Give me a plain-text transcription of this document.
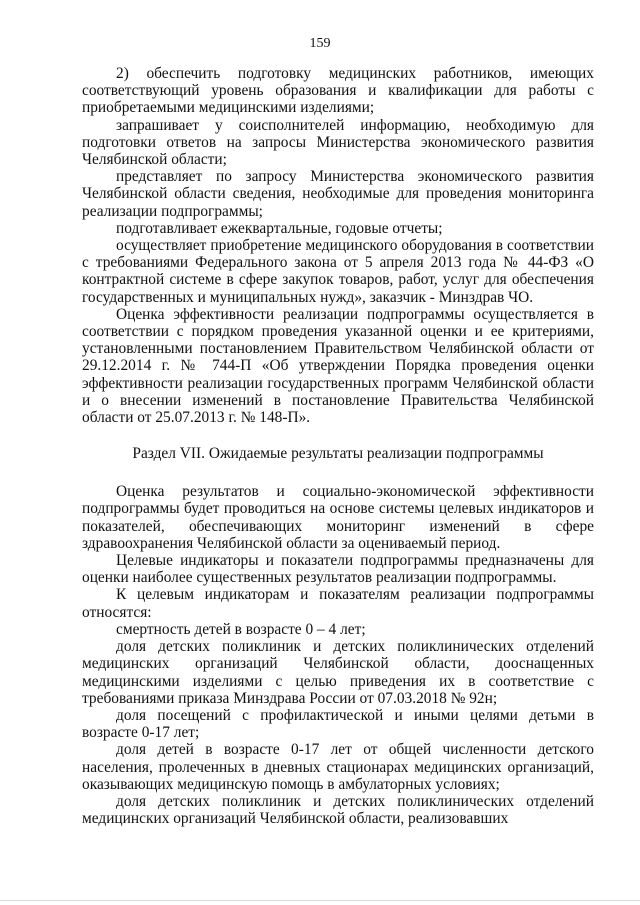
159

2) обеспечить подготовку медицинских работников, имеющих соответствующий уровень образования и квалификации для работы с приобретаемыми медицинскими изделиями;

запрашивает у соисполнителей информацию, необходимую для подготовки ответов на запросы Министерства экономического развития Челябинской области;

представляет по запросу Министерства экономического развития Челябинской области сведения, необходимые для проведения мониторинга реализации подпрограммы;

подготавливает ежеквартальные, годовые отчеты;

осуществляет приобретение медицинского оборудования в соответствии с требованиями Федерального закона от 5 апреля 2013 года № 44-ФЗ «О контрактной системе в сфере закупок товаров, работ, услуг для обеспечения государственных и муниципальных нужд», заказчик - Минздрав ЧО.

Оценка эффективности реализации подпрограммы осуществляется в соответствии с порядком проведения указанной оценки и ее критериями, установленными постановлением Правительством Челябинской области от 29.12.2014 г. № 744-П «Об утверждении Порядка проведения оценки эффективности реализации государственных программ Челябинской области и о внесении изменений в постановление Правительства Челябинской области от 25.07.2013 г. № 148-П».

Раздел VII. Ожидаемые результаты реализации подпрограммы

Оценка результатов и социально-экономической эффективности подпрограммы будет проводиться на основе системы целевых индикаторов и показателей, обеспечивающих мониторинг изменений в сфере здравоохранения Челябинской области за оцениваемый период.

Целевые индикаторы и показатели подпрограммы предназначены для оценки наиболее существенных результатов реализации подпрограммы.

К целевым индикаторам и показателям реализации подпрограммы относятся:

смертность детей в возрасте 0 – 4 лет;

доля детских поликлиник и детских поликлинических отделений медицинских организаций Челябинской области, дооснащенных медицинскими изделиями с целью приведения их в соответствие с требованиями приказа Минздрава России от 07.03.2018 № 92н;

доля посещений с профилактической и иными целями детьми в возрасте 0-17 лет;

доля детей в возрасте 0-17 лет от общей численности детского населения, пролеченных в дневных стационарах медицинских организаций, оказывающих медицинскую помощь в амбулаторных условиях;

доля детских поликлиник и детских поликлинических отделений медицинских организаций Челябинской области, реализовавших
